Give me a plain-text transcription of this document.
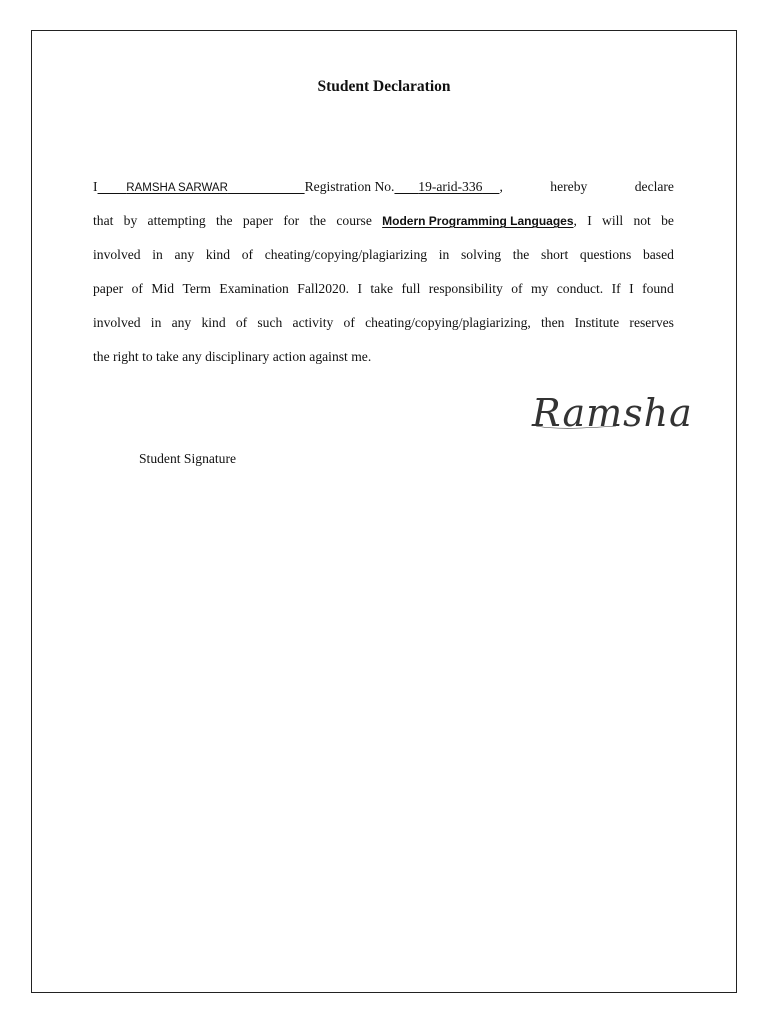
Student Declaration
I	RAMSHA SARWAR	Registration No. 19-arid-336 ,	hereby	declare
that by attempting the paper for the course Modern Programming Languages, I will not be
involved in any kind of cheating/copying/plagiarizing in solving the short questions based
paper of Mid Term Examination Fall2020. I take full responsibility of my conduct. If I found
involved in any kind of such activity of cheating/copying/plagiarizing, then Institute reserves
the right to take any disciplinary action against me.
Ramsha

Student Signature
